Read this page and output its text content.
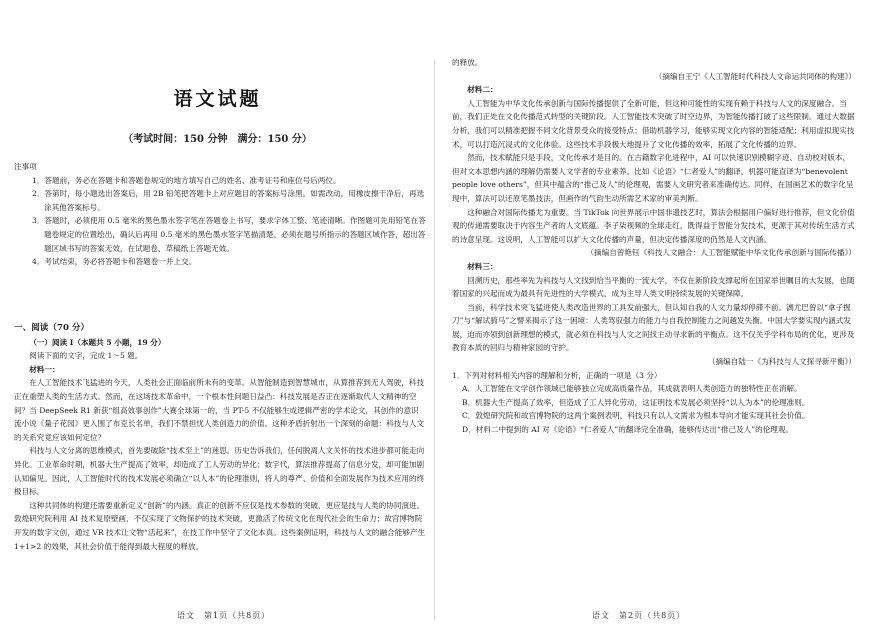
语文试题
（考试时间：150 分钟　满分：150 分）

注事项

1．答题前，务必在答题卡和答题卷规定的地方填写自己的姓名、准考证号和座位号后两位。

2．答第时，每小题选出答案后，用 2B 铅笔把答题卡上对应题目的答案标号涂黑。如需改动，用橡皮擦干净后，再选涂其他答案标号。

3．答题时，必须使用 0.5 毫米的黑色墨水签字笔在答题卷上书写，要求字体工整、笔迹清晰。作图题可先用铅笔在答题卷规定的位置绘出，确认后再用 0.5 毫米的黑色墨水签字笔描清楚。必须在题号所指示的答题区域作答，超出答题区域书写的答案无效，在试题卷、草稿纸上答题无效。

4．考试结束，务必将答题卡和答题卷一并上交。

一、阅读（70 分）

（一）阅读 Ⅰ（本题共 5 小题，19 分）

阅读下面的文字，完成 1～5 题。

材料一：

在人工智能技术飞猛进的今天，人类社会正面临前所未有的变革。从智能制造到智慧城市，从算推荐到无人驾驶，科技正在重塑人类的生活方式。然而，在这场技术革命中，一个根本性问题日益凸：科技发展是否正在逐渐取代人文精神的空间？当 DeepSeek R1 新获“组高效事创作”大赛全球第一的，当 PT-5 不仅能够生成逻辑严密的学术论文，其创作的意识流小说《量子花园》更入围了布克长名单，我们不禁担忧人类创造力的价值。这种矛盾折射出一个深刻的命题：科技与人文的关系究竟应该如何定位？

科技与人文分离的思维模式，首先要破除“技术至上”的迷思。历史告诉我们，任何脱离人文关怀的技术进步都可能走向异化。工业革命时期，机器大生产提高了效率，却造成了工人劳动的异化；数字代，算法推荐提高了信息分发，却可能加剧认知偏见。因此，人工智能时代的技术发展必须确立“以人本”的伦理准则，将人的尊严、价值和全面发展作为技术应用的终极目标。

这种共同体的构建还需要重新定义“创新”的内涵。真正的创新不应仅是技术参数的突破，更应是技与人类的协同演进。敦煌研究院利用 AI 技术复原壁画，不仅实现了文物保护的技术突破，更激活了传统文化在现代社会的生命力；故宫博物院开发的数字文创，通过 VR 技术让文物“活起来”，在技工作中坚守了文化本真。这些案例证明，科技与人文的融合能够产生 1+1>2 的效果，其社会价值于能得到最大程度的释放。

语文　第1页（共8页）

的释放。

（摘编自王宁《人工智能时代科技人文命运共同体的构建》）

材料二：

人工智能为中华文化传承创新与国际传播提供了全新可能，但这种可能性的实现有赖于科技与人文的深度融合。当前，我们正处在文化传播范式转型的关键阶段。人工智能技术突破了时空边界，为智能传播打破了这些限制。通过大数据分析，我们可以精准把握不同文化背景受众的接受特点；借助机器学习，能够实现文化内容的智能适配；利用虚拟现实技术，可以打造沉浸式的文化体验。这些技术手段极大地提升了文化传播的效率，拓展了文化传播的边界。

然而，技术赋能只是手段，文化传承才是目的。在古籍数字化进程中，AI 可以快速识别模糊字迹、自动校对版本，但对文本思想内涵的理解仍需要人文学者的专业素养。比如《论语》“仁者爱人”的翻译，机器可能直译为“benevolent people love others”，但其中蕴含的“推己及人”的伦理观，需要人文研究者来准确传达。同样，在国画艺术的数字化呈现中，算法可以还原笔墨技法，但画作的气韵生动所需艺术家的审美判断。

这种融合对国际传播尤为重要。当 TikTok 向世界展示中国非遗技艺时，算法会根据用户偏好进行推荐，但文化价值观的传递需要取决于内容生产者的人文底蕴。李子柒视频的全球走红，既得益于智能分发技术，更源于其对传统生活方式的诗意呈现。这说明，人工智能可以扩大文化传播的声量，但决定传播深度的仍然是人文内涵。

（摘编自曾艳钰《科技人文融合：人工智能赋能中华文化传承创新与国际传播》）

材料三：

回溯历史，那些率先为科技与人文找到恰当平衡的一流大学，不仅在新阶段支撑起所在国家举世瞩目的大发展，也随着国家的兴起而成为最具有先进性的大学模式，成为主导人类文明持续发展的关键保障。

当前，科学技术突飞猛进使人类改造世界的工具发前强大，但认知自我的人文力量却停滞不前。漓尤巴曾以“拿子握刀”与“解试骑马”之譬来揭示了这一困境：人类驾驭强力的能力与自我控制能力之间越发失衡。中国大学要实现内涵式发展，迫而亦领到创新理想的模式，就必须在科技与人文之间找主动寻求新的平衡点。这不仅关乎学科布局的优化，更涉及教育本质的回归与精神家园的守护。

（摘编自陆一《为科技与人文探寻新平衡》）

1．下列对材料相关内容的理解和分析，正确的一项是（3 分）

A．人工智能在文学创作领域已能够独立完成高质量作品，其成就表明人类创造力的独特性正在消解。

B．机器大生产提高了效率，但造成了工人异化劳动，这证明技术发展必须坚持“以人为本”的伦理准则。

C．敦煌研究院和故宫博物院的这两个案例表明，科技只有以人文需求为根本导向才能实现其社会价值。

D．材料二中提到的 AI 对《论语》“仁者爱人”的翻译完全准确，能够传达出“推己及人”的伦理观。

语文　第2页（共8页）
